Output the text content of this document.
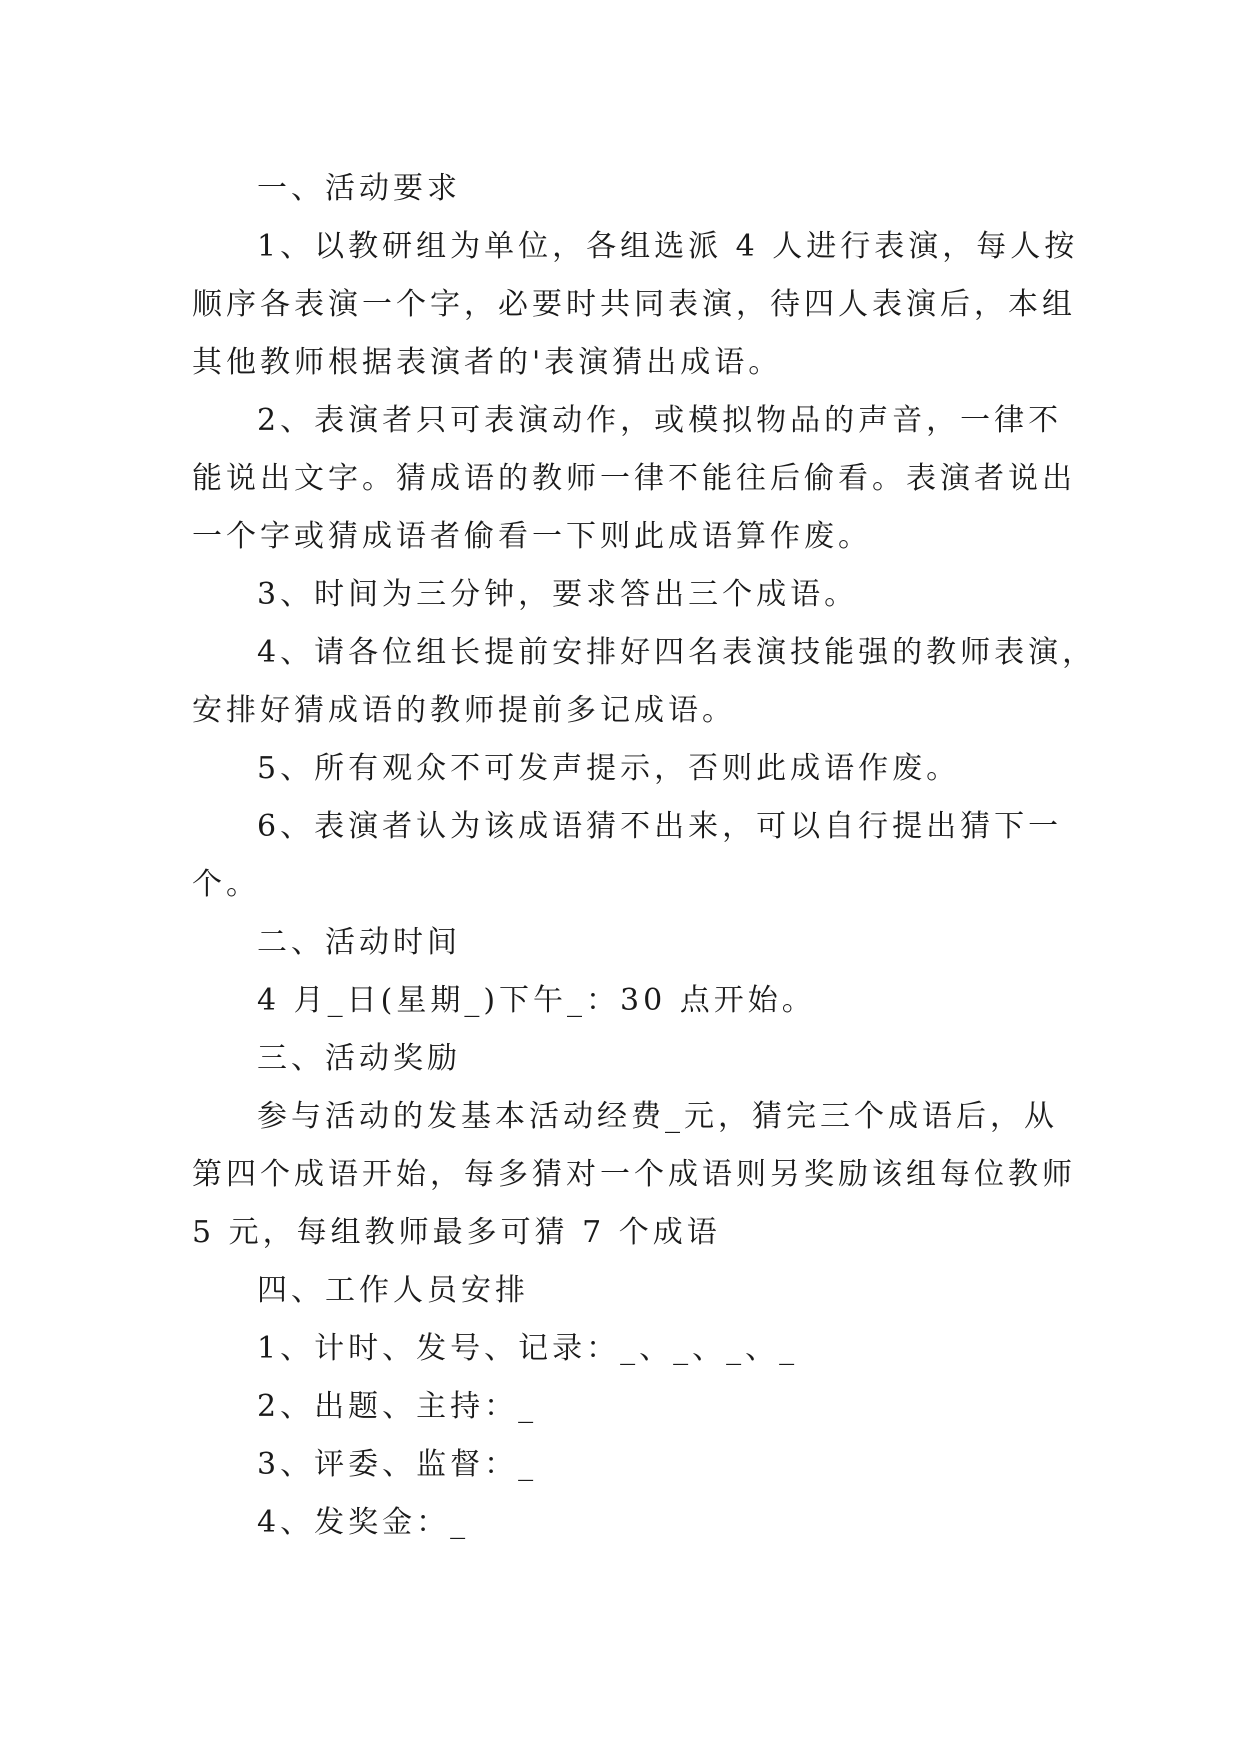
一、活动要求
1、以教研组为单位，各组选派 4 人进行表演，每人按
顺序各表演一个字，必要时共同表演，待四人表演后，本组
其他教师根据表演者的'表演猜出成语。
2、表演者只可表演动作，或模拟物品的声音，一律不
能说出文字。猜成语的教师一律不能往后偷看。表演者说出
一个字或猜成语者偷看一下则此成语算作废。
3、时间为三分钟，要求答出三个成语。
4、请各位组长提前安排好四名表演技能强的教师表演，
安排好猜成语的教师提前多记成语。
5、所有观众不可发声提示，否则此成语作废。
6、表演者认为该成语猜不出来，可以自行提出猜下一
个。
二、活动时间
4 月_日(星期_)下午_：30 点开始。
三、活动奖励
参与活动的发基本活动经费_元，猜完三个成语后，从
第四个成语开始，每多猜对一个成语则另奖励该组每位教师
5 元，每组教师最多可猜 7 个成语
四、工作人员安排
1、计时、发号、记录：_、_、_、_
2、出题、主持：_
3、评委、监督：_
4、发奖金：_
